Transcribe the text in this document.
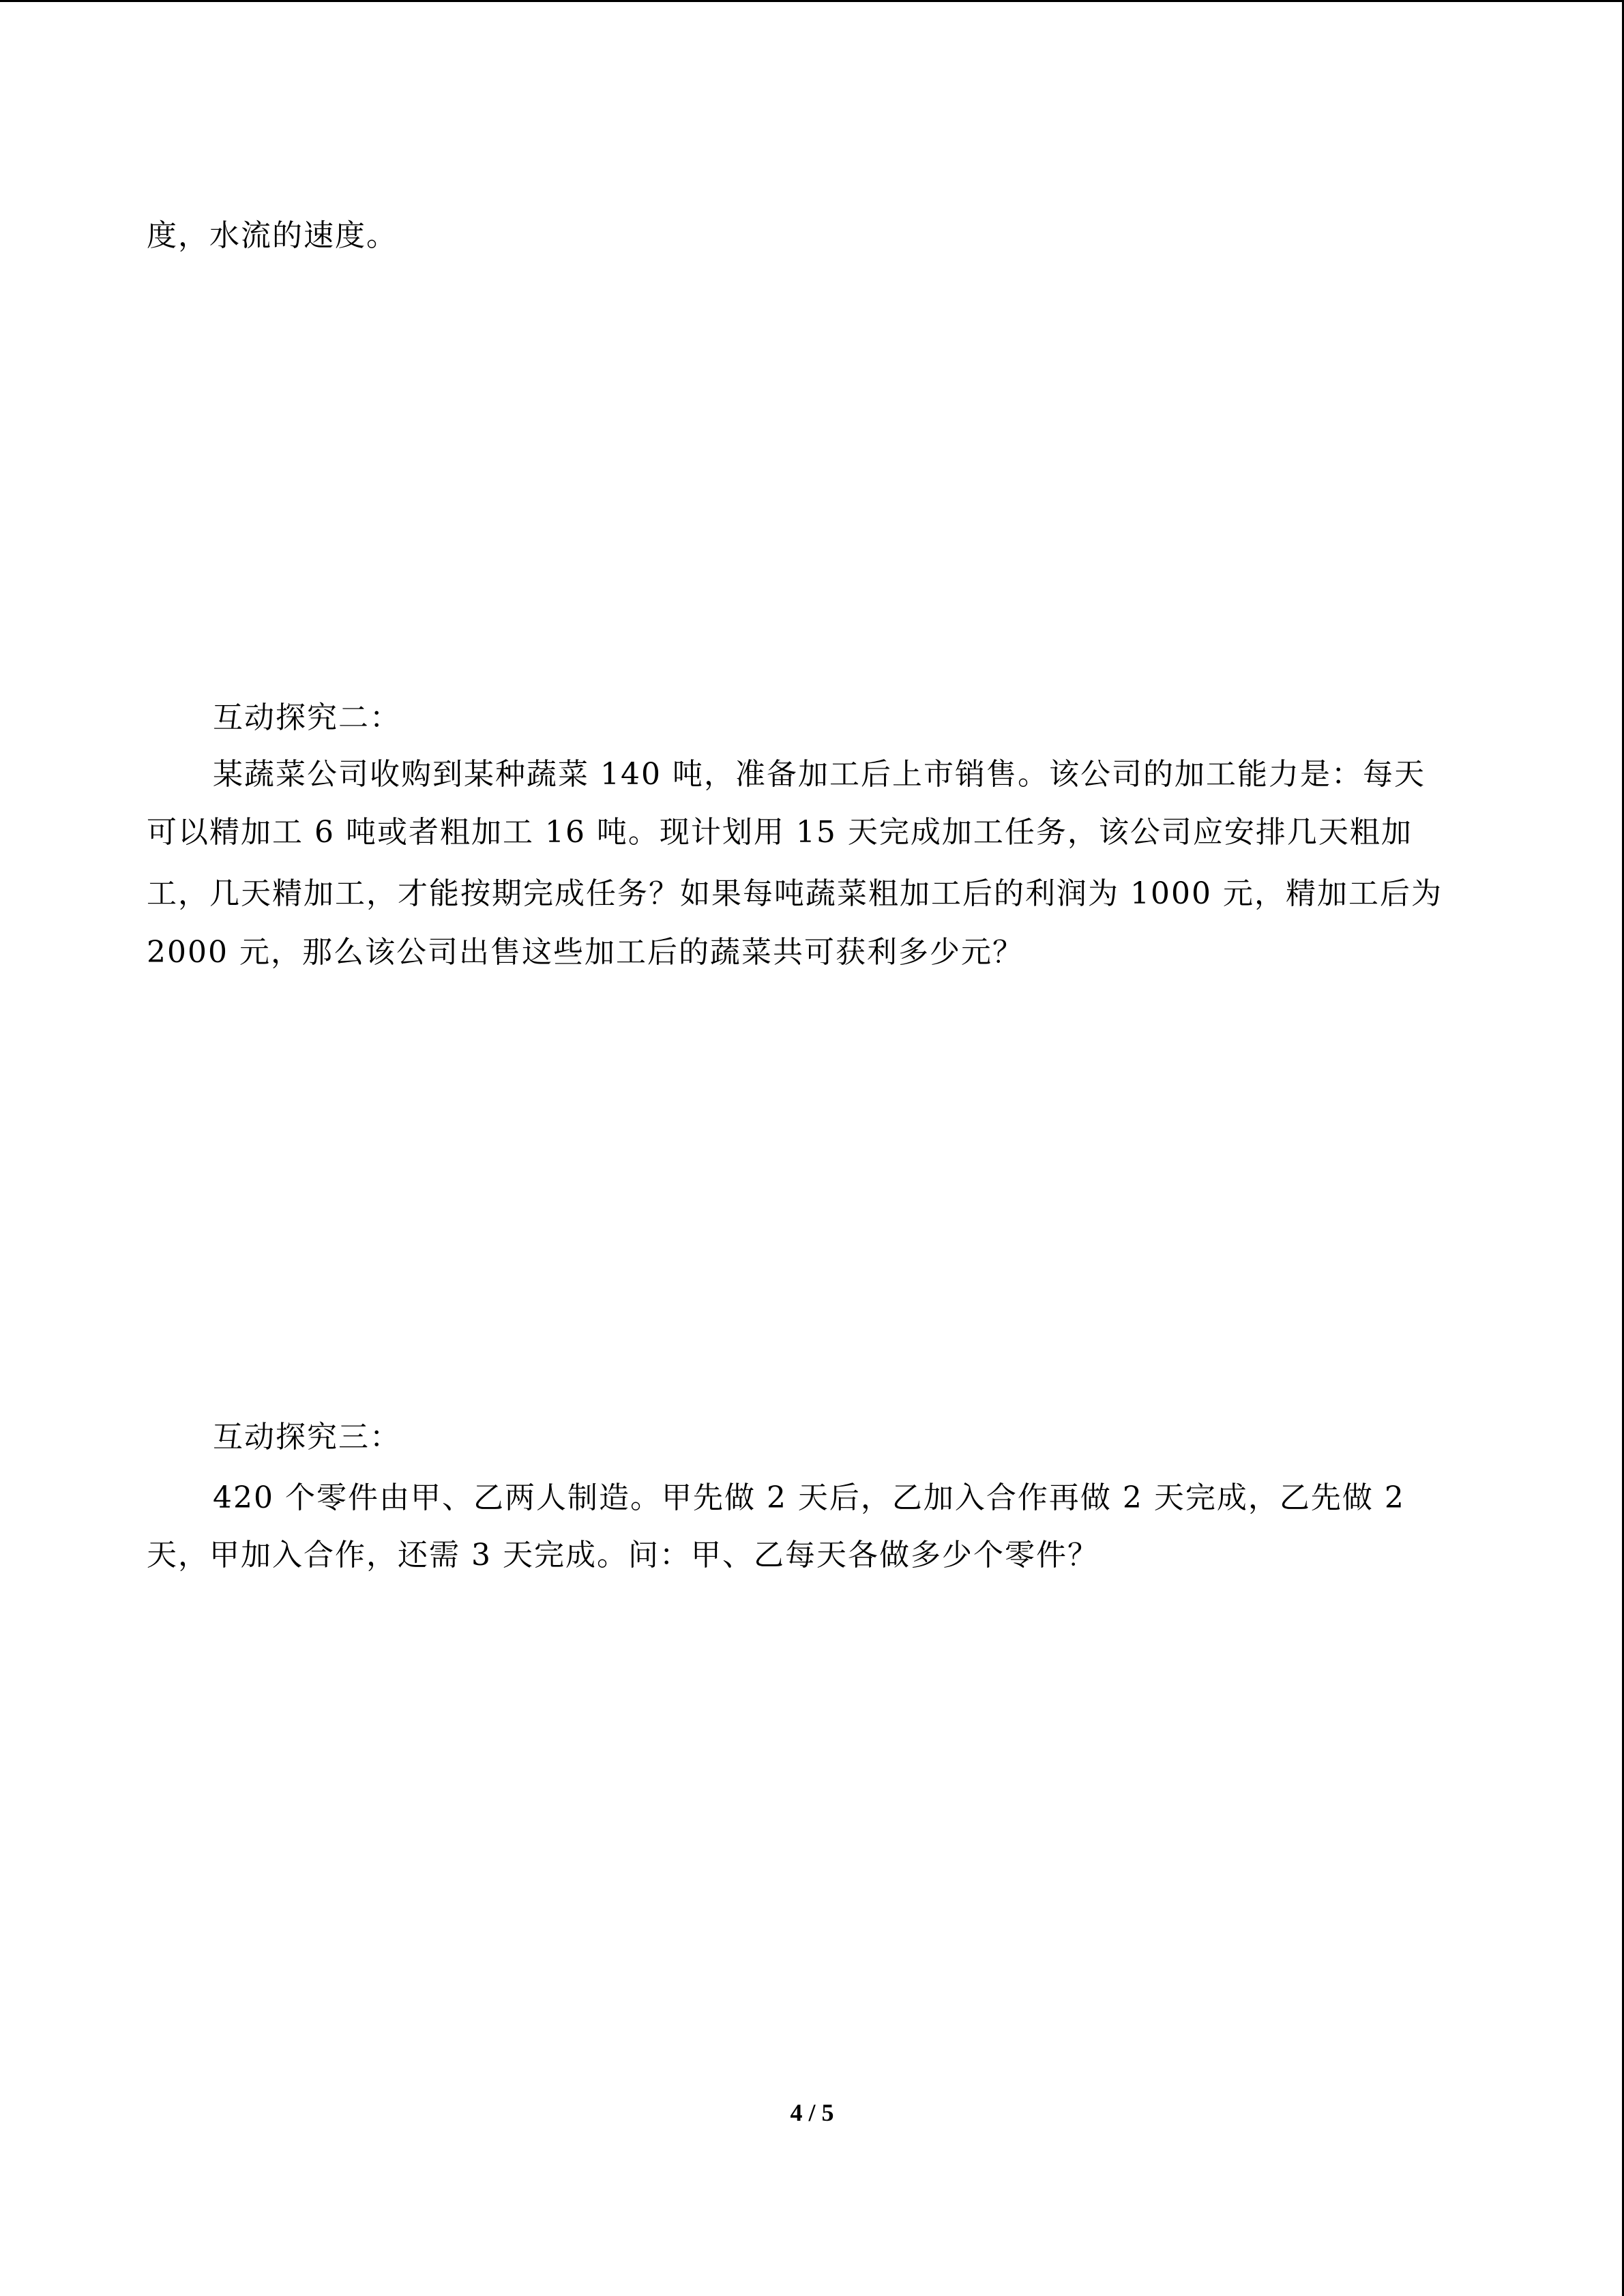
度，水流的速度。
互动探究二：
某蔬菜公司收购到某种蔬菜 140 吨，准备加工后上市销售。该公司的加工能力是：每天
可以精加工 6 吨或者粗加工 16 吨。现计划用 15 天完成加工任务，该公司应安排几天粗加
工，几天精加工，才能按期完成任务？如果每吨蔬菜粗加工后的利润为 1000 元，精加工后为
2000 元，那么该公司出售这些加工后的蔬菜共可获利多少元？
互动探究三：
420 个零件由甲、乙两人制造。甲先做 2 天后，乙加入合作再做 2 天完成，乙先做 2
天，甲加入合作，还需 3 天完成。问：甲、乙每天各做多少个零件？
4 / 5
